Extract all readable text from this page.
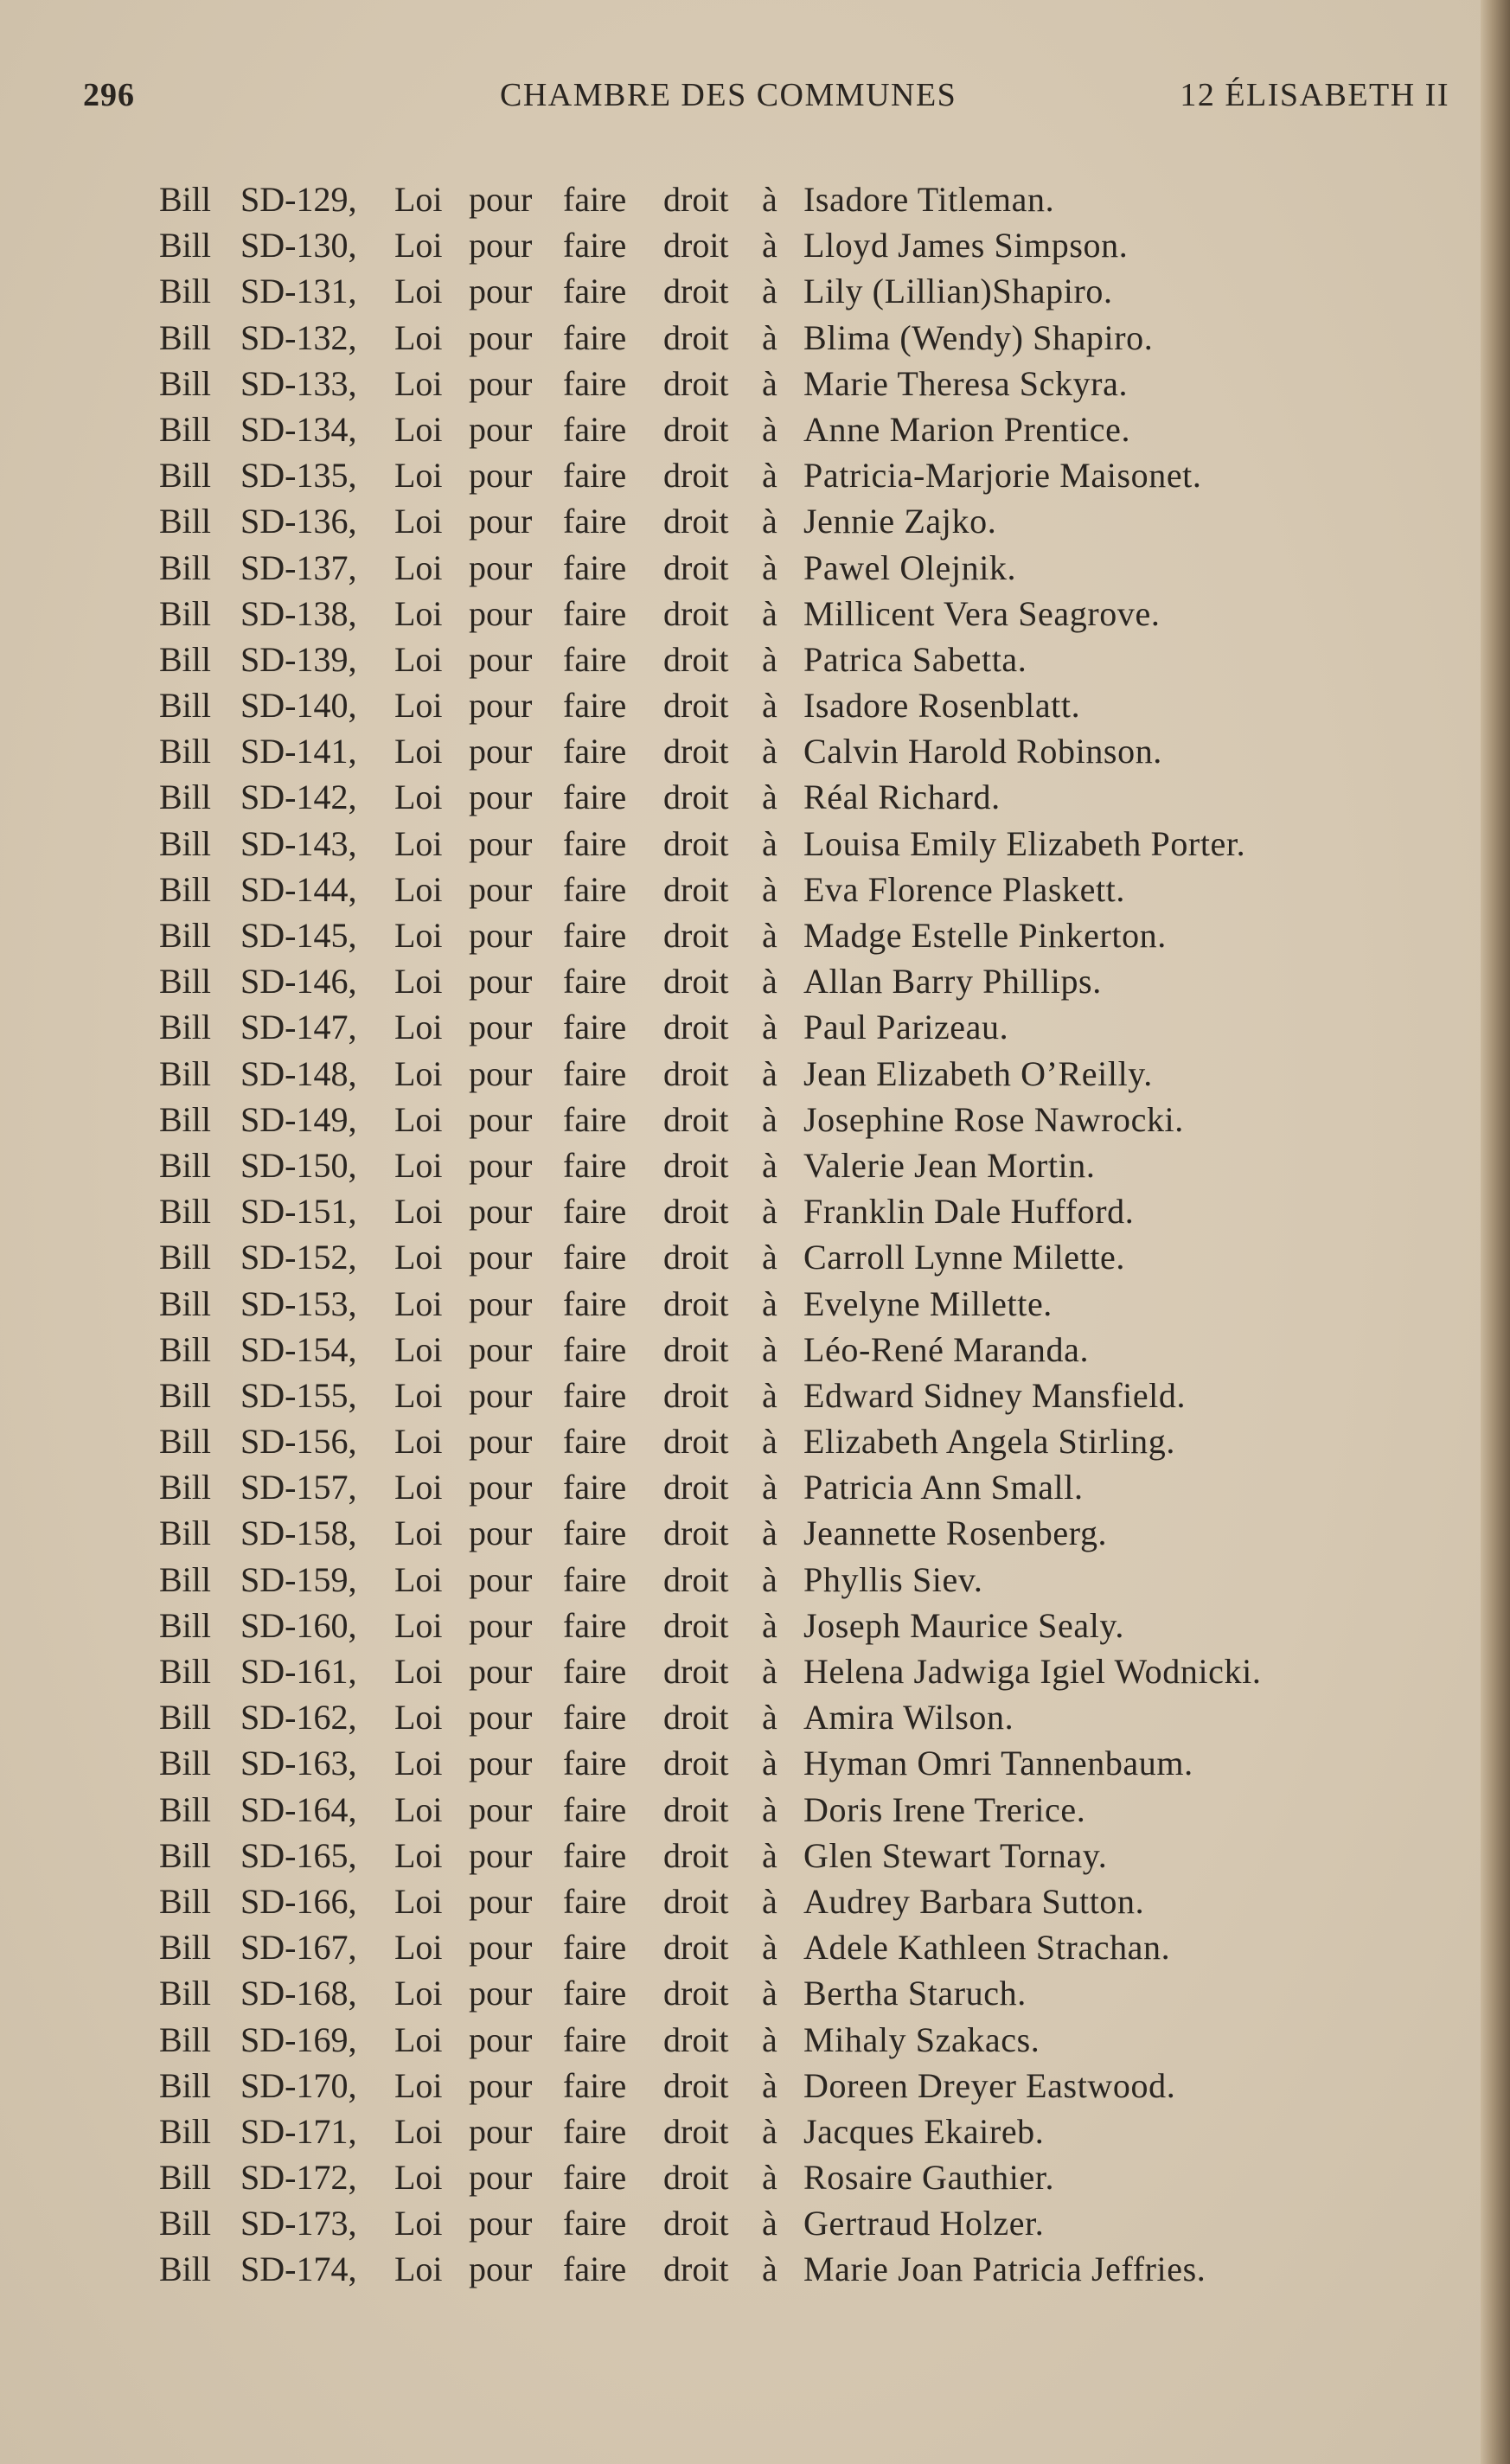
296	CHAMBRE DES COMMUNES	12 ÉLISABETH II
Bill SD-129, Loi pour faire droit à Isadore Titleman.
Bill SD-130, Loi pour faire droit à Lloyd James Simpson.
Bill SD-131, Loi pour faire droit à Lily (Lillian)Shapiro.
Bill SD-132, Loi pour faire droit à Blima (Wendy) Shapiro.
Bill SD-133, Loi pour faire droit à Marie Theresa Sckyra.
Bill SD-134, Loi pour faire droit à Anne Marion Prentice.
Bill SD-135, Loi pour faire droit à Patricia-Marjorie Maisonet.
Bill SD-136, Loi pour faire droit à Jennie Zajko.
Bill SD-137, Loi pour faire droit à Pawel Olejnik.
Bill SD-138, Loi pour faire droit à Millicent Vera Seagrove.
Bill SD-139, Loi pour faire droit à Patrica Sabetta.
Bill SD-140, Loi pour faire droit à Isadore Rosenblatt.
Bill SD-141, Loi pour faire droit à Calvin Harold Robinson.
Bill SD-142, Loi pour faire droit à Réal Richard.
Bill SD-143, Loi pour faire droit à Louisa Emily Elizabeth Porter.
Bill SD-144, Loi pour faire droit à Eva Florence Plaskett.
Bill SD-145, Loi pour faire droit à Madge Estelle Pinkerton.
Bill SD-146, Loi pour faire droit à Allan Barry Phillips.
Bill SD-147, Loi pour faire droit à Paul Parizeau.
Bill SD-148, Loi pour faire droit à Jean Elizabeth O’Reilly.
Bill SD-149, Loi pour faire droit à Josephine Rose Nawrocki.
Bill SD-150, Loi pour faire droit à Valerie Jean Mortin.
Bill SD-151, Loi pour faire droit à Franklin Dale Hufford.
Bill SD-152, Loi pour faire droit à Carroll Lynne Milette.
Bill SD-153, Loi pour faire droit à Evelyne Millette.
Bill SD-154, Loi pour faire droit à Léo-René Maranda.
Bill SD-155, Loi pour faire droit à Edward Sidney Mansfield.
Bill SD-156, Loi pour faire droit à Elizabeth Angela Stirling.
Bill SD-157, Loi pour faire droit à Patricia Ann Small.
Bill SD-158, Loi pour faire droit à Jeannette Rosenberg.
Bill SD-159, Loi pour faire droit à Phyllis Siev.
Bill SD-160, Loi pour faire droit à Joseph Maurice Sealy.
Bill SD-161, Loi pour faire droit à Helena Jadwiga Igiel Wodnicki.
Bill SD-162, Loi pour faire droit à Amira Wilson.
Bill SD-163, Loi pour faire droit à Hyman Omri Tannenbaum.
Bill SD-164, Loi pour faire droit à Doris Irene Trerice.
Bill SD-165, Loi pour faire droit à Glen Stewart Tornay.
Bill SD-166, Loi pour faire droit à Audrey Barbara Sutton.
Bill SD-167, Loi pour faire droit à Adele Kathleen Strachan.
Bill SD-168, Loi pour faire droit à Bertha Staruch.
Bill SD-169, Loi pour faire droit à Mihaly Szakacs.
Bill SD-170, Loi pour faire droit à Doreen Dreyer Eastwood.
Bill SD-171, Loi pour faire droit à Jacques Ekaireb.
Bill SD-172, Loi pour faire droit à Rosaire Gauthier.
Bill SD-173, Loi pour faire droit à Gertraud Holzer.
Bill SD-174, Loi pour faire droit à Marie Joan Patricia Jeffries.
